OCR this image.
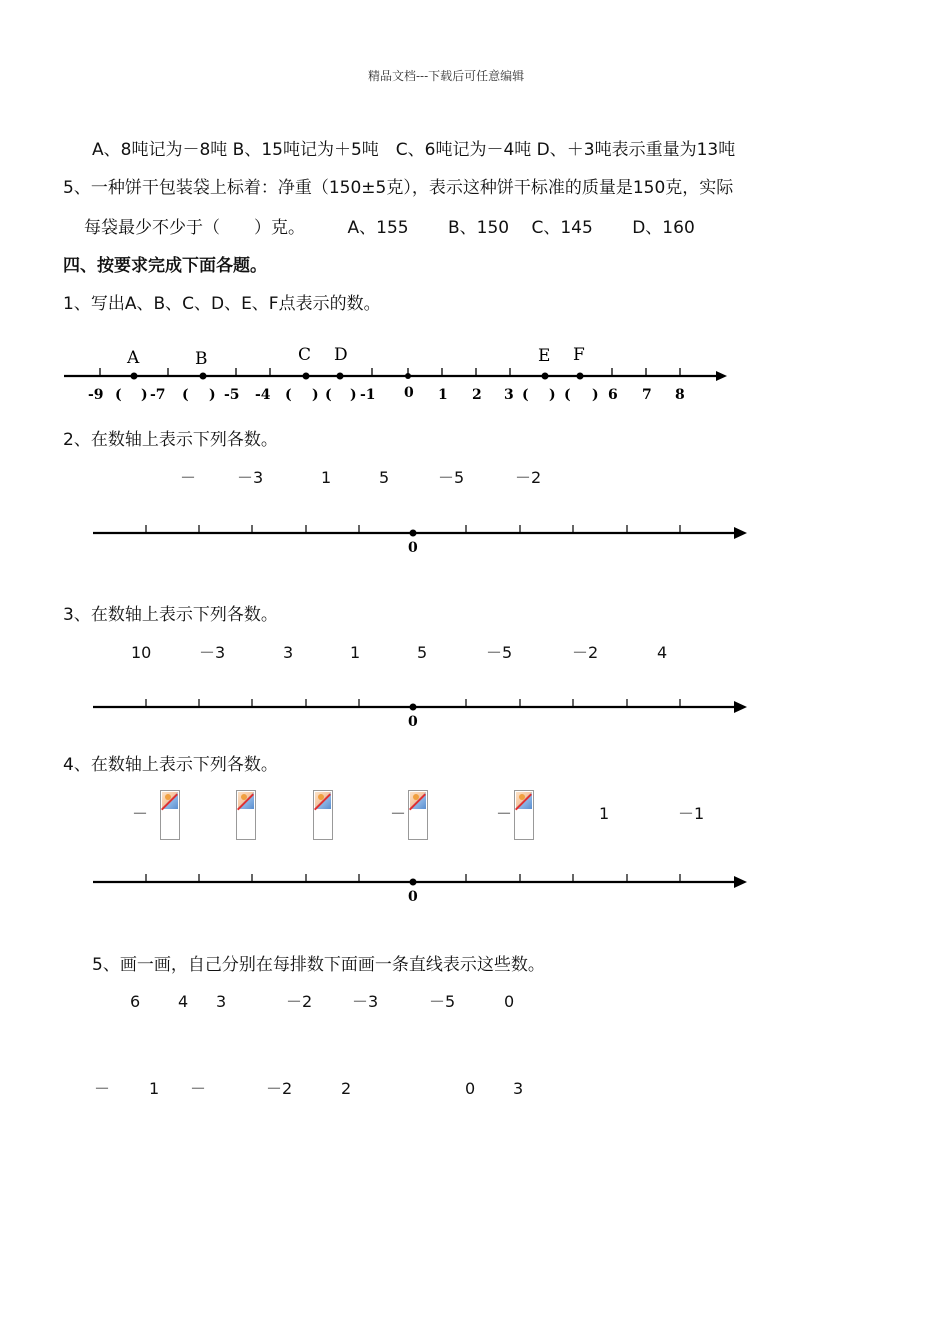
精品文档---下载后可任意编辑
A、8吨记为－8吨 B、15吨记为＋5吨　C、6吨记为－4吨 D、＋3吨表示重量为13吨
5、一种饼干包装袋上标着：净重（150±5克），表示这种饼干标准的质量是150克，实际
每袋最少不少于（　　）克。　　　A、155　　 B、150　 C、145　　 D、160
四、按要求完成下面各题。
1、写出A、B、C、D、E、F点表示的数。
A	B	C D	E F
-9 ( ) -7 ( ) -5 -4 ( ) ( ) -1 0 1 2 3 ( ) ( ) 6 7 8
2、在数轴上表示下列各数。
－	－3	1	5	－5	－2
0
3、在数轴上表示下列各数。
10	－3	3	1	5	－5	－2	4
0
4、在数轴上表示下列各数。
－	－	－	1	－1
0
5、画一画，自己分别在每排数下面画一条直线表示这些数。
6 4 3	－2 －3	－5	0
－ 1 －	－2	2	0 3
